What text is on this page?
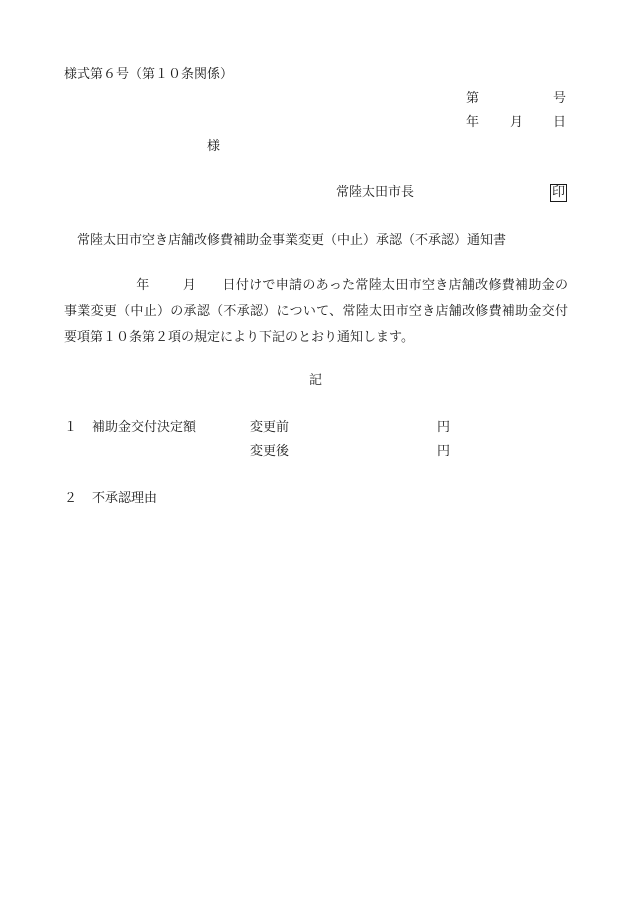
様式第６号（第１０条関係）
第	号
年 月 日
様
常陸太田市長	印
常陸太田市空き店舗改修費補助金事業変更（中止）承認（不承認）通知書
年	月 日付けで申請のあった常陸太田市空き店舗改修費補助金の事業変更（中止）の承認（不承認）について、常陸太田市空き店舗改修費補助金交付要項第１０条第２項の規定により下記のとおり通知します。
記
１ 補助金交付決定額	変更前	円
変更後	円
２ 不承認理由
